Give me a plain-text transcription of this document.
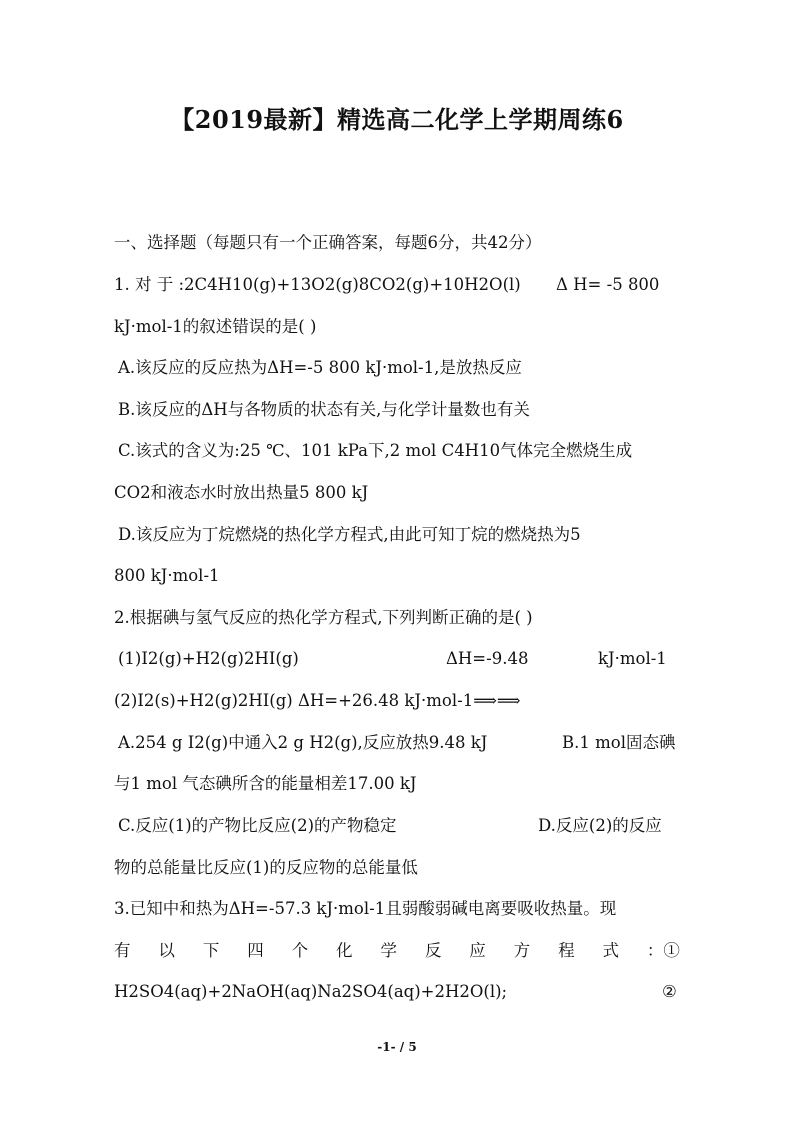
【2019最新】精选高二化学上学期周练6
一、选择题（每题只有一个正确答案，每题6分，共42分）
1. 对 于 :2C4H10(g)+13O2(g)8CO2(g)+10H2O(l) Δ H= -5 800
kJ·mol-1的叙述错误的是( )
A.该反应的反应热为ΔH=-5 800 kJ·mol-1,是放热反应
B.该反应的ΔH与各物质的状态有关,与化学计量数也有关
C.该式的含义为:25 ℃、101 kPa下,2 mol C4H10气体完全燃烧生成
CO2和液态水时放出热量5 800 kJ
D.该反应为丁烷燃烧的热化学方程式,由此可知丁烷的燃烧热为5
800 kJ·mol-1
2.根据碘与氢气反应的热化学方程式,下列判断正确的是( )
(1)I2(g)+H2(g)2HI(g)	ΔH=-9.48	kJ·mol-1
(2)I2(s)+H2(g)2HI(g) ΔH=+26.48 kJ·mol-1⟹⟹
A.254 g I2(g)中通入2 g H2(g),反应放热9.48 kJ	B.1 mol固态碘
与1 mol 气态碘所含的能量相差17.00 kJ
C.反应(1)的产物比反应(2)的产物稳定	D.反应(2)的反应
物的总能量比反应(1)的反应物的总能量低
3.已知中和热为ΔH=-57.3 kJ·mol-1且弱酸弱碱电离要吸收热量。现
有 以 下 四 个 化 学 反 应 方 程 式 ：①
H2SO4(aq)+2NaOH(aq)Na2SO4(aq)+2H2O(l);	②
-1- / 5
